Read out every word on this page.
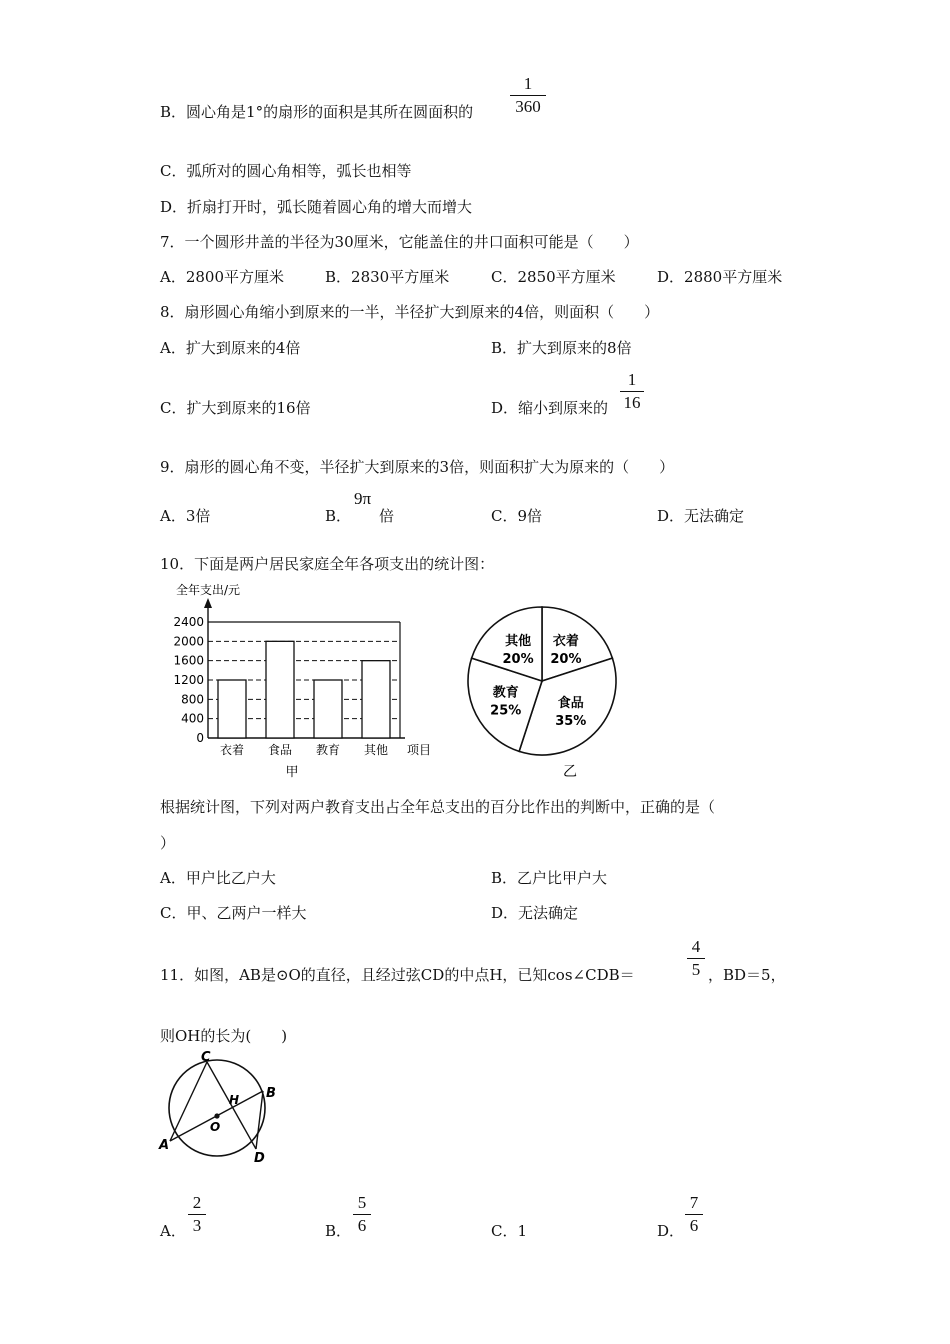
B．圆心角是1°的扇形的面积是其所在圆面积的
1
360
C．弧所对的圆心角相等，弧长也相等
D．折扇打开时，弧长随着圆心角的增大而增大
7．一个圆形井盖的半径为30厘米，它能盖住的井口面积可能是（　　）
A．2800平方厘米	B．2830平方厘米	C．2850平方厘米	D．2880平方厘米
8．扇形圆心角缩小到原来的一半，半径扩大到原来的4倍，则面积（　　）
A．扩大到原来的4倍	B．扩大到原来的8倍
C．扩大到原来的16倍	D．缩小到原来的
1
16
9．扇形的圆心角不变，半径扩大到原来的3倍，则面积扩大为原来的（　　）
A．3倍	B．
9π
倍	C．9倍	D．无法确定
10．下面是两户居民家庭全年各项支出的统计图：
全年支出/元
0
400
800
1200
1600
2000
2400
衣着 食品 教育 其他 项目
甲
衣着
20%
食品
35%
教育
25%
其他
20%
乙
根据统计图，下列对两户教育支出占全年总支出的百分比作出的判断中，正确的是（
）
A．甲户比乙户大	B．乙户比甲户大
C．甲、乙两户一样大	D．无法确定
11．如图，AB是⊙O的直径，且经过弦CD的中点H，已知cos∠CDB＝
4
5 ，BD＝5，
则OH的长为(　　)
C
B
H
O
A
D
A．
2
3	B．
5
6	C．1	D．
7
6
